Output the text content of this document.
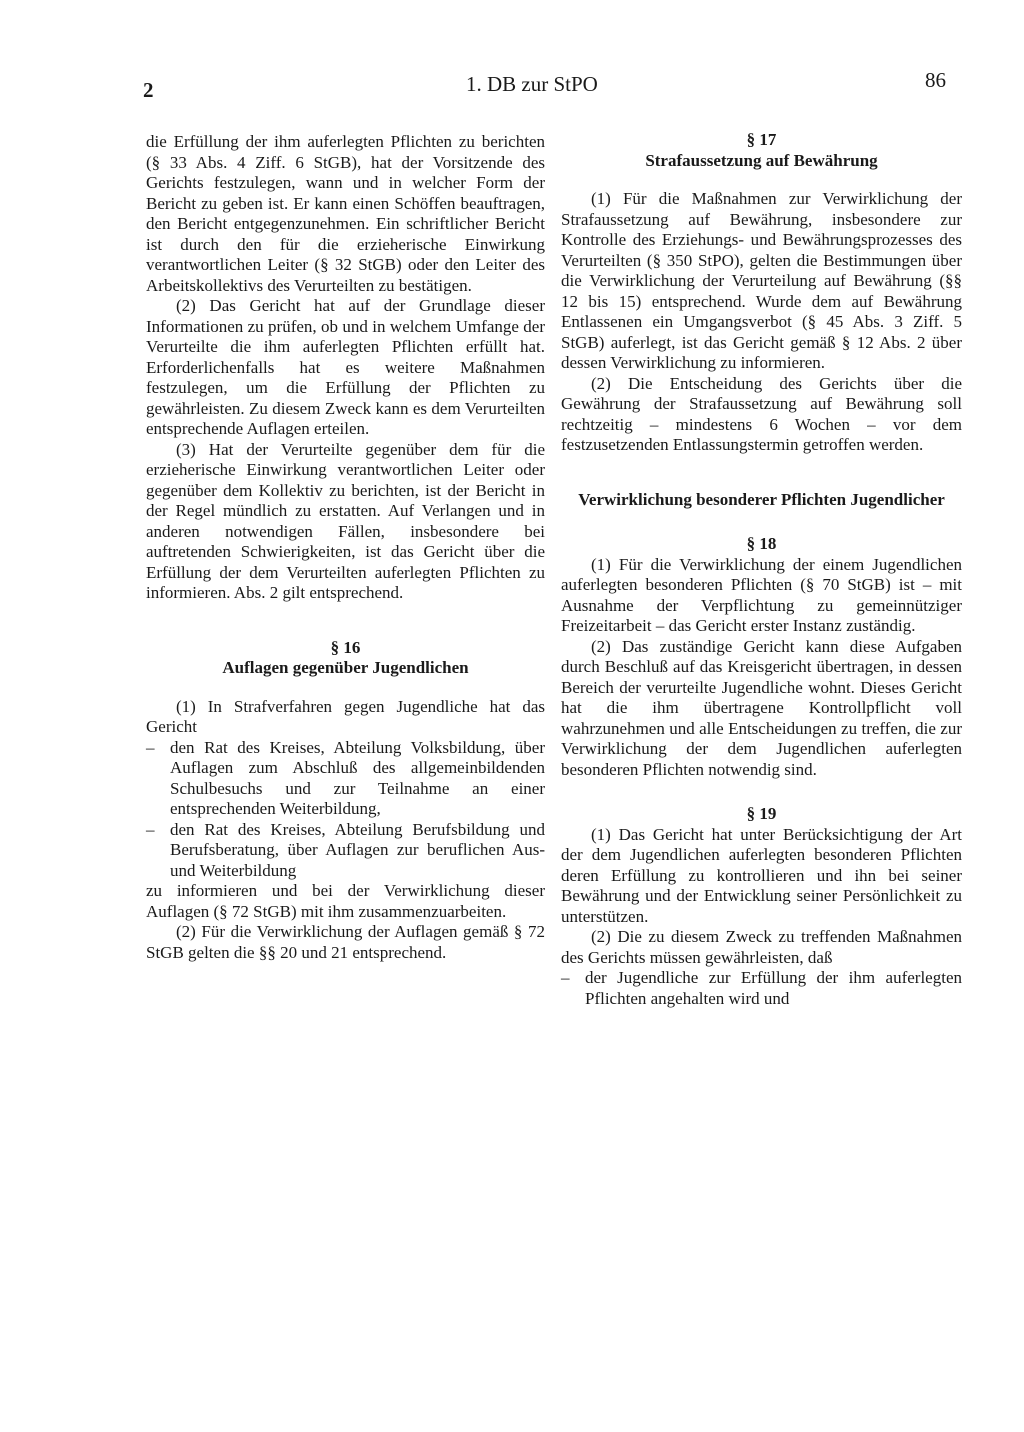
2	1. DB zur StPO	86

die Erfüllung der ihm auferlegten Pflichten zu berichten (§ 33 Abs. 4 Ziff. 6 StGB), hat der Vorsitzende des Gerichts festzulegen, wann und in welcher Form der Bericht zu geben ist. Er kann einen Schöffen beauftragen, den Bericht entgegenzunehmen. Ein schriftlicher Bericht ist durch den für die erzieherische Einwirkung verantwortlichen Leiter (§ 32 StGB) oder den Leiter des Arbeitskollektivs des Verurteilten zu bestätigen.

(2) Das Gericht hat auf der Grundlage dieser Informationen zu prüfen, ob und in welchem Umfange der Verurteilte die ihm auferlegten Pflichten erfüllt hat. Erforderlichenfalls hat es weitere Maßnahmen festzulegen, um die Erfüllung der Pflichten zu gewährleisten. Zu diesem Zweck kann es dem Verurteilten entsprechende Auflagen erteilen.

(3) Hat der Verurteilte gegenüber dem für die erzieherische Einwirkung verantwortlichen Leiter oder gegenüber dem Kollektiv zu berichten, ist der Bericht in der Regel mündlich zu erstatten. Auf Verlangen und in anderen notwendigen Fällen, insbesondere bei auftretenden Schwierigkeiten, ist das Gericht über die Erfüllung der dem Verurteilten auferlegten Pflichten zu informieren. Abs. 2 gilt entsprechend.

§ 16
Auflagen gegenüber Jugendlichen

(1) In Strafverfahren gegen Jugendliche hat das Gericht

– den Rat des Kreises, Abteilung Volksbildung, über Auflagen zum Abschluß des allgemeinbildenden Schulbesuchs und zur Teilnahme an einer entsprechenden Weiterbildung,
– den Rat des Kreises, Abteilung Berufsbildung und Berufsberatung, über Auflagen zur beruflichen Aus- und Weiterbildung

zu informieren und bei der Verwirklichung dieser Auflagen (§ 72 StGB) mit ihm zusammenzuarbeiten.

(2) Für die Verwirklichung der Auflagen gemäß § 72 StGB gelten die §§ 20 und 21 entsprechend.

§ 17
Strafaussetzung auf Bewährung

(1) Für die Maßnahmen zur Verwirklichung der Strafaussetzung auf Bewährung, insbesondere zur Kontrolle des Erziehungs- und Bewährungsprozesses des Verurteilten (§ 350 StPO), gelten die Bestimmungen über die Verwirklichung der Verurteilung auf Bewährung (§§ 12 bis 15) entsprechend. Wurde dem auf Bewährung Entlassenen ein Umgangsverbot (§ 45 Abs. 3 Ziff. 5 StGB) auferlegt, ist das Gericht gemäß § 12 Abs. 2 über dessen Verwirklichung zu informieren.

(2) Die Entscheidung des Gerichts über die Gewährung der Strafaussetzung auf Bewährung soll rechtzeitig – mindestens 6 Wochen – vor dem festzusetzenden Entlassungstermin getroffen werden.

Verwirklichung besonderer Pflichten Jugendlicher
§ 18

(1) Für die Verwirklichung der einem Jugendlichen auferlegten besonderen Pflichten (§ 70 StGB) ist – mit Ausnahme der Verpflichtung zu gemeinnütziger Freizeitarbeit – das Gericht erster Instanz zuständig.

(2) Das zuständige Gericht kann diese Aufgaben durch Beschluß auf das Kreisgericht übertragen, in dessen Bereich der verurteilte Jugendliche wohnt. Dieses Gericht hat die ihm übertragene Kontrollpflicht voll wahrzunehmen und alle Entscheidungen zu treffen, die zur Verwirklichung der dem Jugendlichen auferlegten besonderen Pflichten notwendig sind.

§ 19

(1) Das Gericht hat unter Berücksichtigung der Art der dem Jugendlichen auferlegten besonderen Pflichten deren Erfüllung zu kontrollieren und ihn bei seiner Bewährung und der Entwicklung seiner Persönlichkeit zu unterstützen.

(2) Die zu diesem Zweck zu treffenden Maßnahmen des Gerichts müssen gewährleisten, daß

– der Jugendliche zur Erfüllung der ihm auferlegten Pflichten angehalten wird und
